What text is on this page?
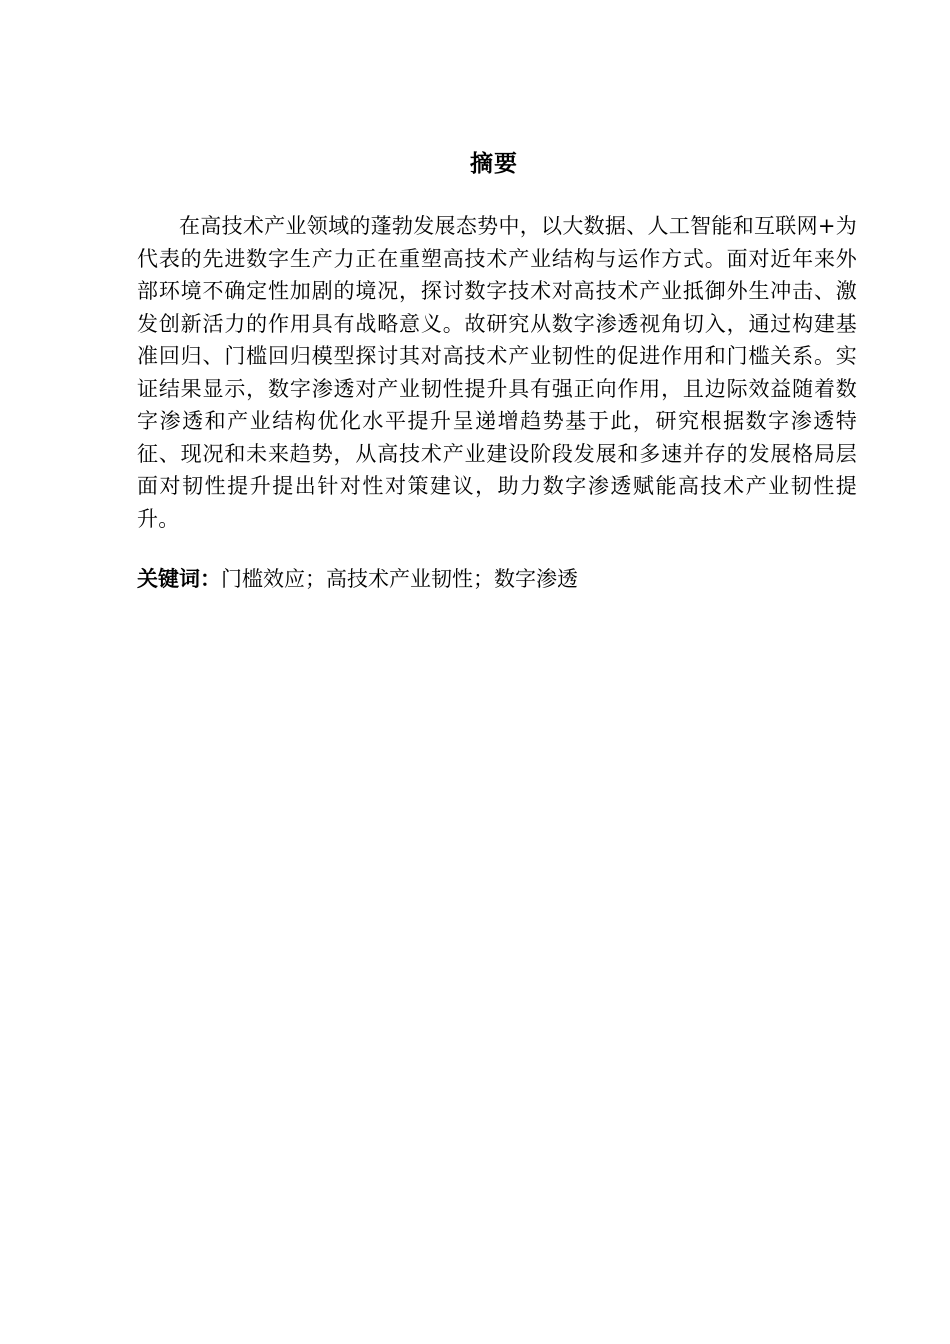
摘要

在高技术产业领域的蓬勃发展态势中，以大数据、人工智能和互联网+为代表的先进数字生产力正在重塑高技术产业结构与运作方式。面对近年来外部环境不确定性加剧的境况，探讨数字技术对高技术产业抵御外生冲击、激发创新活力的作用具有战略意义。故研究从数字渗透视角切入，通过构建基准回归、门槛回归模型探讨其对高技术产业韧性的促进作用和门槛关系。实证结果显示，数字渗透对产业韧性提升具有强正向作用，且边际效益随着数字渗透和产业结构优化水平提升呈递增趋势基于此，研究根据数字渗透特征、现况和未来趋势，从高技术产业建设阶段发展和多速并存的发展格局层面对韧性提升提出针对性对策建议，助力数字渗透赋能高技术产业韧性提升。

关键词：门槛效应；高技术产业韧性；数字渗透
